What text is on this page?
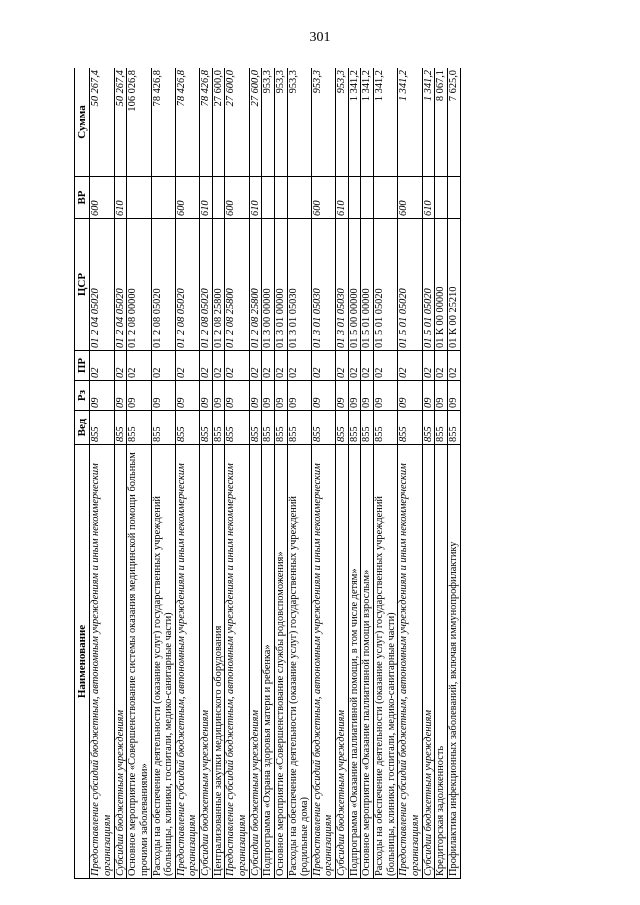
301
Наименование	Вед	Рз	ПР	ЦСР	ВР	Сумма
Предоставление субсидий бюджетным, автономным учреждениям и иным некоммерческим организациям	855	09	02	01 2 04 05020	600	50 267,4
Субсидии бюджетным учреждениям	855	09	02	01 2 04 05020	610	50 267,4
Основное мероприятие «Совершенствование системы оказания медицинской помощи больным прочими заболеваниями»	855	09	02	01 2 08 00000		106 026,8
Расходы на обеспечение деятельности (оказание услуг) государственных учреждений (больницы, клиники, госпитали, медико-санитарные части)	855	09	02	01 2 08 05020		78 426,8
Предоставление субсидий бюджетным, автономным учреждениям и иным некоммерческим организациям	855	09	02	01 2 08 05020	600	78 426,8
Субсидии бюджетным учреждениям	855	09	02	01 2 08 05020	610	78 426,8
Централизованные закупки медицинского оборудования	855	09	02	01 2 08 25800		27 600,0
Предоставление субсидий бюджетным, автономным учреждениям и иным некоммерческим организациям	855	09	02	01 2 08 25800	600	27 600,0
Субсидии бюджетным учреждениям	855	09	02	01 2 08 25800	610	27 600,0
Подпрограмма «Охрана здоровья матери и ребенка»	855	09	02	01 3 00 00000		953,3
Основное мероприятие «Совершенствование службы родовспоможения»	855	09	02	01 3 01 00000		953,3
Расходы на обеспечение деятельности (оказание услуг) государственных учреждений (родильные дома)	855	09	02	01 3 01 05030		953,3
Предоставление субсидий бюджетным, автономным учреждениям и иным некоммерческим организациям	855	09	02	01 3 01 05030	600	953,3
Субсидии бюджетным учреждениям	855	09	02	01 3 01 05030	610	953,3
Подпрограмма «Оказание паллиативной помощи, в том числе детям»	855	09	02	01 5 00 00000		1 341,2
Основное мероприятие «Оказание паллиативной помощи взрослым»	855	09	02	01 5 01 00000		1 341,2
Расходы на обеспечение деятельности (оказание услуг) государственных учреждений (больницы, клиники, госпитали, медико-санитарные части)	855	09	02	01 5 01 05020		1 341,2
Предоставление субсидий бюджетным, автономным учреждениям и иным некоммерческим организациям	855	09	02	01 5 01 05020	600	1 341,2
Субсидии бюджетным учреждениям	855	09	02	01 5 01 05020	610	1 341,2
Кредиторская задолженность	855	09	02	01 К 00 00000		8 067,1
Профилактика инфекционных заболеваний, включая иммунопрофилактику	855	09	02	01 К 00 25210		7 625,0
